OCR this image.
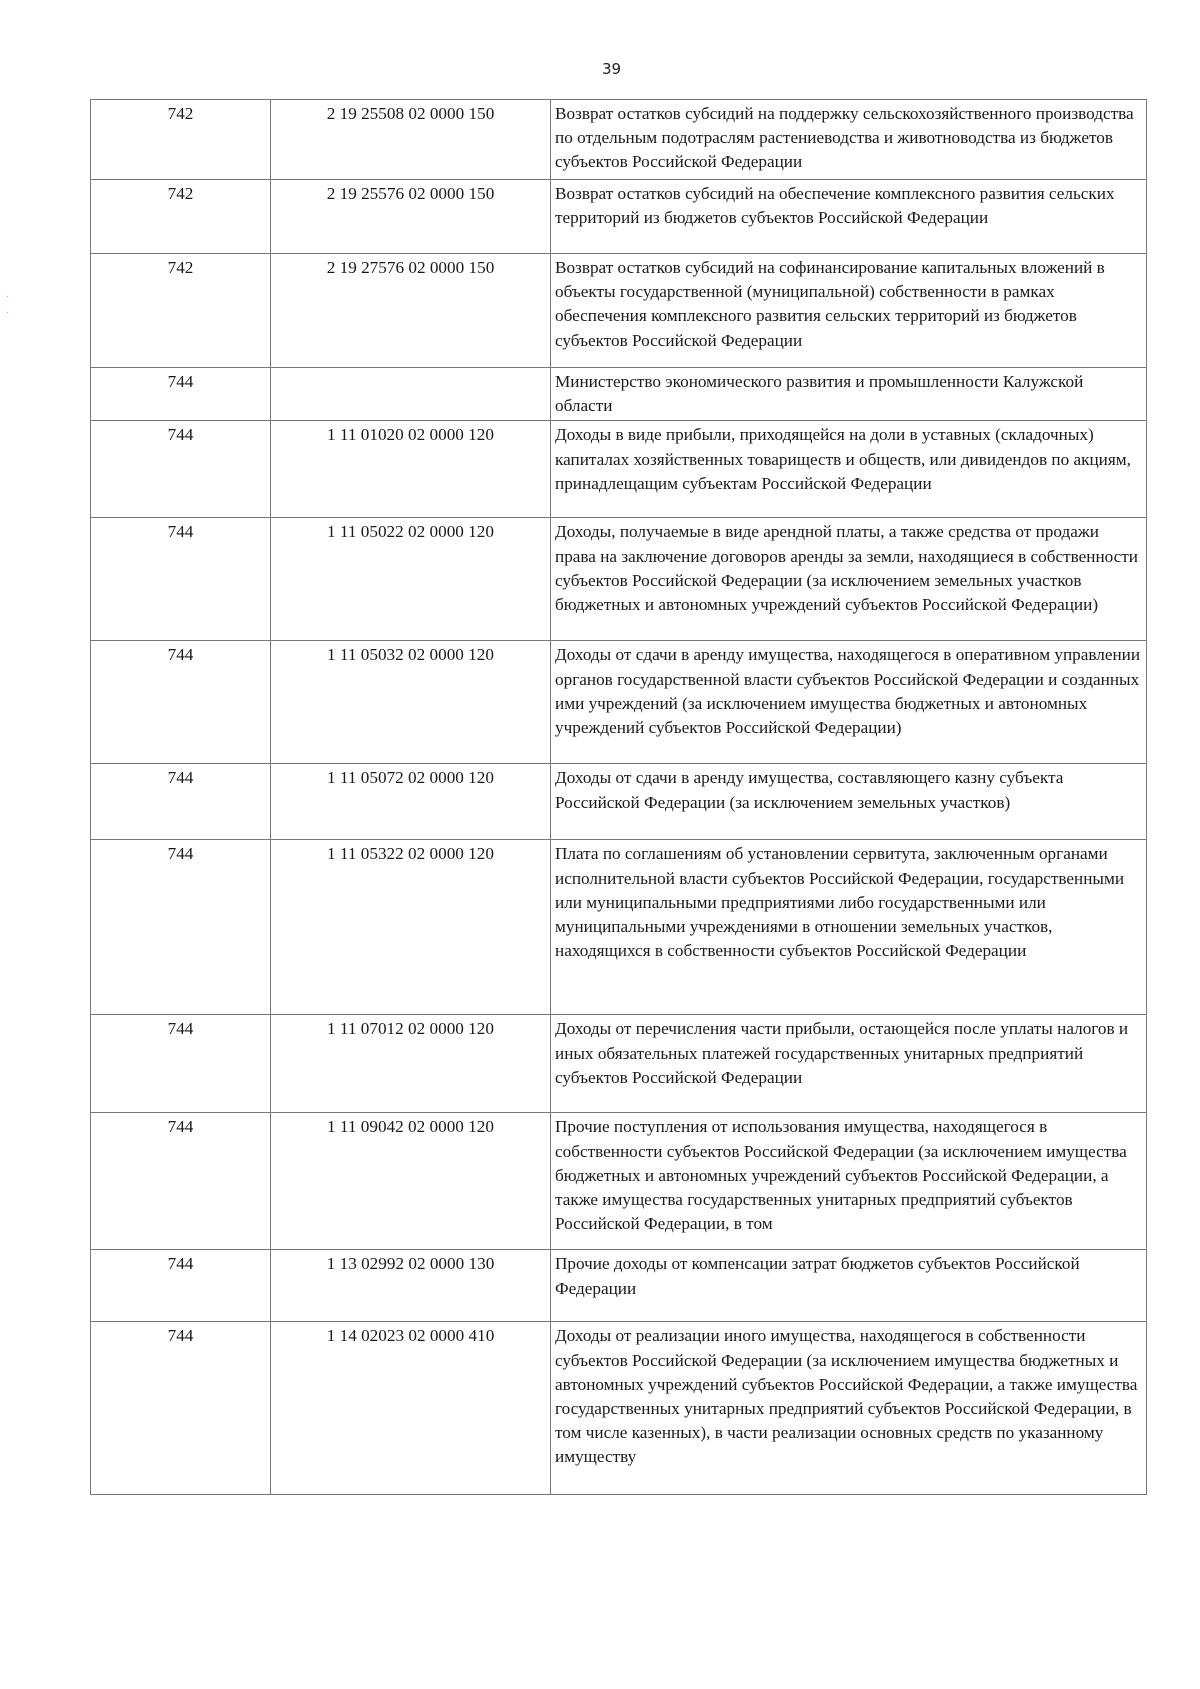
39
·
·
742	2 19 25508 02 0000 150	Возврат остатков субсидий на поддержку сельскохозяйственного производства по отдельным подотраслям растениеводства и животноводства из бюджетов субъектов Российской Федерации
742	2 19 25576 02 0000 150	Возврат остатков субсидий на обеспечение комплексного развития сельских территорий из бюджетов субъектов Российской Федерации
742	2 19 27576 02 0000 150	Возврат остатков субсидий на софинансирование капитальных вложений в объекты государственной (муниципальной) собственности в рамках обеспечения комплексного развития сельских территорий из бюджетов субъектов Российской Федерации
744		Министерство экономического развития и промышленности Калужской области
744	1 11 01020 02 0000 120	Доходы в виде прибыли, приходящейся на доли в уставных (складочных) капиталах хозяйственных товариществ и обществ, или дивидендов по акциям, принадлещащим субъектам Российской Федерации
744	1 11 05022 02 0000 120	Доходы, получаемые в виде арендной платы, а также средства от продажи права на заключение договоров аренды за земли, находящиеся в собственности субъектов Российской Федерации (за исключением земельных участков бюджетных и автономных учреждений субъектов Российской Федерации)
744	1 11 05032 02 0000 120	Доходы от сдачи в аренду имущества, находящегося в оперативном управлении органов государственной власти субъектов Российской Федерации и созданных ими учреждений (за исключением имущества бюджетных и автономных учреждений субъектов Российской Федерации)
744	1 11 05072 02 0000 120	Доходы от сдачи в аренду имущества, составляющего казну субъекта Российской Федерации (за исключением земельных участков)
744	1 11 05322 02 0000 120	Плата по соглашениям об установлении сервитута, заключенным органами исполнительной власти субъектов Российской Федерации, государственными или муниципальными предприятиями либо государственными или муниципальными учреждениями в отношении земельных участков, находящихся в собственности субъектов Российской Федерации
744	1 11 07012 02 0000 120	Доходы от перечисления части прибыли, остающейся после уплаты налогов и иных обязательных платежей государственных унитарных предприятий субъектов Российской Федерации
744	1 11 09042 02 0000 120	Прочие поступления от использования имущества, находящегося в собственности субъектов Российской Федерации (за исключением имущества бюджетных и автономных учреждений субъектов Российской Федерации, а также имущества государственных унитарных предприятий субъектов Российской Федерации, в том
744	1 13 02992 02 0000 130	Прочие доходы от компенсации затрат бюджетов субъектов Российской Федерации
744	1 14 02023 02 0000 410	Доходы от реализации иного имущества, находящегося в собственности субъектов Российской Федерации (за исключением имущества бюджетных и автономных учреждений субъектов Российской Федерации, а также имущества государственных унитарных предприятий субъектов Российской Федерации, в том числе казенных), в части реализации основных средств по указанному имуществу
